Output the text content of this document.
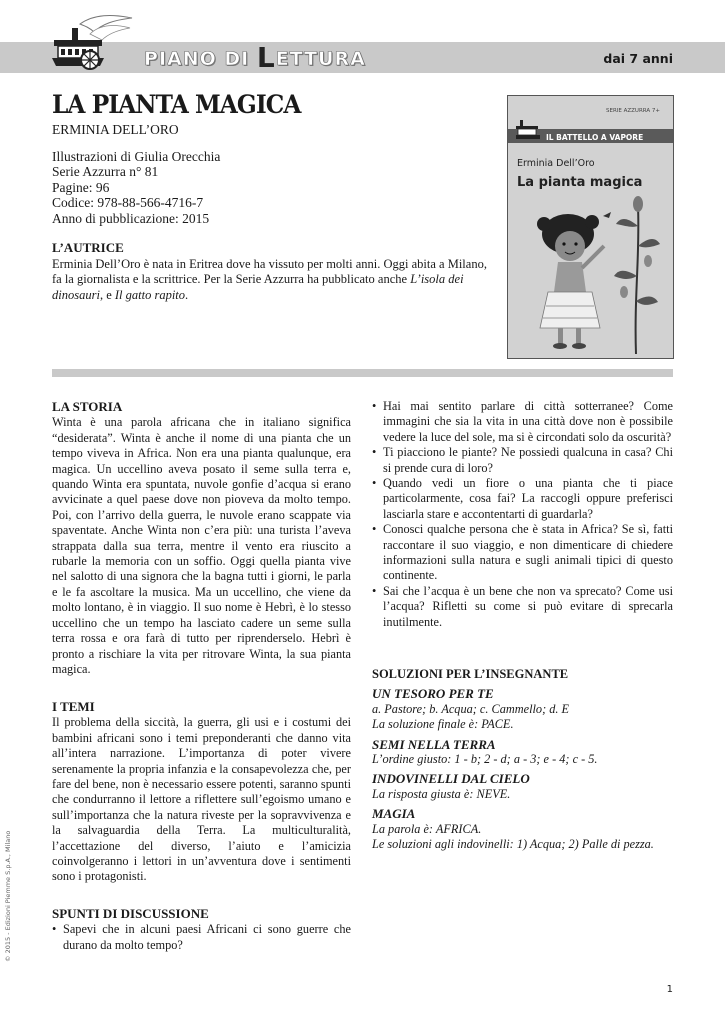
PIANO DI LETTURA	dai 7 anni
LA PIANTA MAGICA
ERMINIA DELL’ORO
Illustrazioni di Giulia Orecchia
Serie Azzurra n° 81
Pagine: 96
Codice: 978-88-566-4716-7
Anno di pubblicazione: 2015
L’AUTRICE

Erminia Dell’Oro è nata in Eritrea dove ha vissuto per molti anni. Oggi abita a Milano, fa la giornalista e la scrittrice. Per la Serie Azzurra ha pubblicato anche L’isola dei dinosauri, e Il gatto rapito.

SERIE AZZURRA 7+
IL BATTELLO A VAPORE
Erminia Dell’Oro
La pianta magica
LA STORIA

Winta è una parola africana che in italiano significa “desiderata”. Winta è anche il nome di una pianta che un tempo viveva in Africa. Non era una pianta qualunque, era magica. Un uccellino aveva posato il seme sulla terra e, quando Winta era spuntata, nuvole gonfie d’acqua si erano avvicinate a quel paese dove non pioveva da molto tempo. Poi, con l’arrivo della guerra, le nuvole erano scappate via spaventate. Anche Winta non c’era più: una turista l’aveva strappata dalla sua terra, mentre il vento era riuscito a rubarle la memoria con un soffio. Oggi quella pianta vive nel salotto di una signora che la bagna tutti i giorni, le parla e le fa ascoltare la musica. Ma un uccellino, che viene da molto lontano, è in viaggio. Il suo nome è Hebrì, è lo stesso uccellino che un tempo ha lasciato cadere un seme sulla terra rossa e ora farà di tutto per riprenderselo. Hebrì è pronto a rischiare la vita per ritrovare Winta, la sua pianta magica.

I TEMI

Il problema della siccità, la guerra, gli usi e i costumi dei bambini africani sono i temi preponderanti che danno vita all’intera narrazione. L’importanza di poter vivere serenamente la propria infanzia e la consapevolezza che, per fare del bene, non è necessario essere potenti, saranno spunti che condurranno il lettore a riflettere sull’egoismo umano e sull’importanza che la natura riveste per la sopravvivenza e la salvaguardia della Terra. La multiculturalità, l’accettazione del diverso, l’aiuto e l’amicizia coinvolgeranno i lettori in un’avventura dove i sentimenti sono i protagonisti.

SPUNTI DI DISCUSSIONE
• Sapevi che in alcuni paesi Africani ci sono guerre che durano da molto tempo?
• Hai mai sentito parlare di città sotterranee? Come immagini che sia la vita in una città dove non è possibile vedere la luce del sole, ma si è circondati solo da oscurità?
• Ti piacciono le piante? Ne possiedi qualcuna in casa? Chi si prende cura di loro?
• Quando vedi un fiore o una pianta che ti piace particolarmente, cosa fai? La raccogli oppure preferisci lasciarla stare e accontentarti di guardarla?
• Conosci qualche persona che è stata in Africa? Se sì, fatti raccontare il suo viaggio, e non dimenticare di chiedere informazioni sulla natura e sugli animali tipici di questo continente.
• Sai che l’acqua è un bene che non va sprecato? Come usi l’acqua? Rifletti su come si può evitare di sprecarla inutilmente.
SOLUZIONI PER L’INSEGNANTE
UN TESORO PER TE
a. Pastore; b. Acqua; c. Cammello; d. E
La soluzione finale è: PACE.
SEMI NELLA TERRA
L’ordine giusto: 1 - b; 2 - d; a - 3; e - 4; c - 5.
INDOVINELLI DAL CIELO
La risposta giusta è: NEVE.
MAGIA
La parola è: AFRICA.
Le soluzioni agli indovinelli: 1) Acqua; 2) Palle di pezza.
© 2015 - Edizioni Piemme S.p.A., Milano
1
